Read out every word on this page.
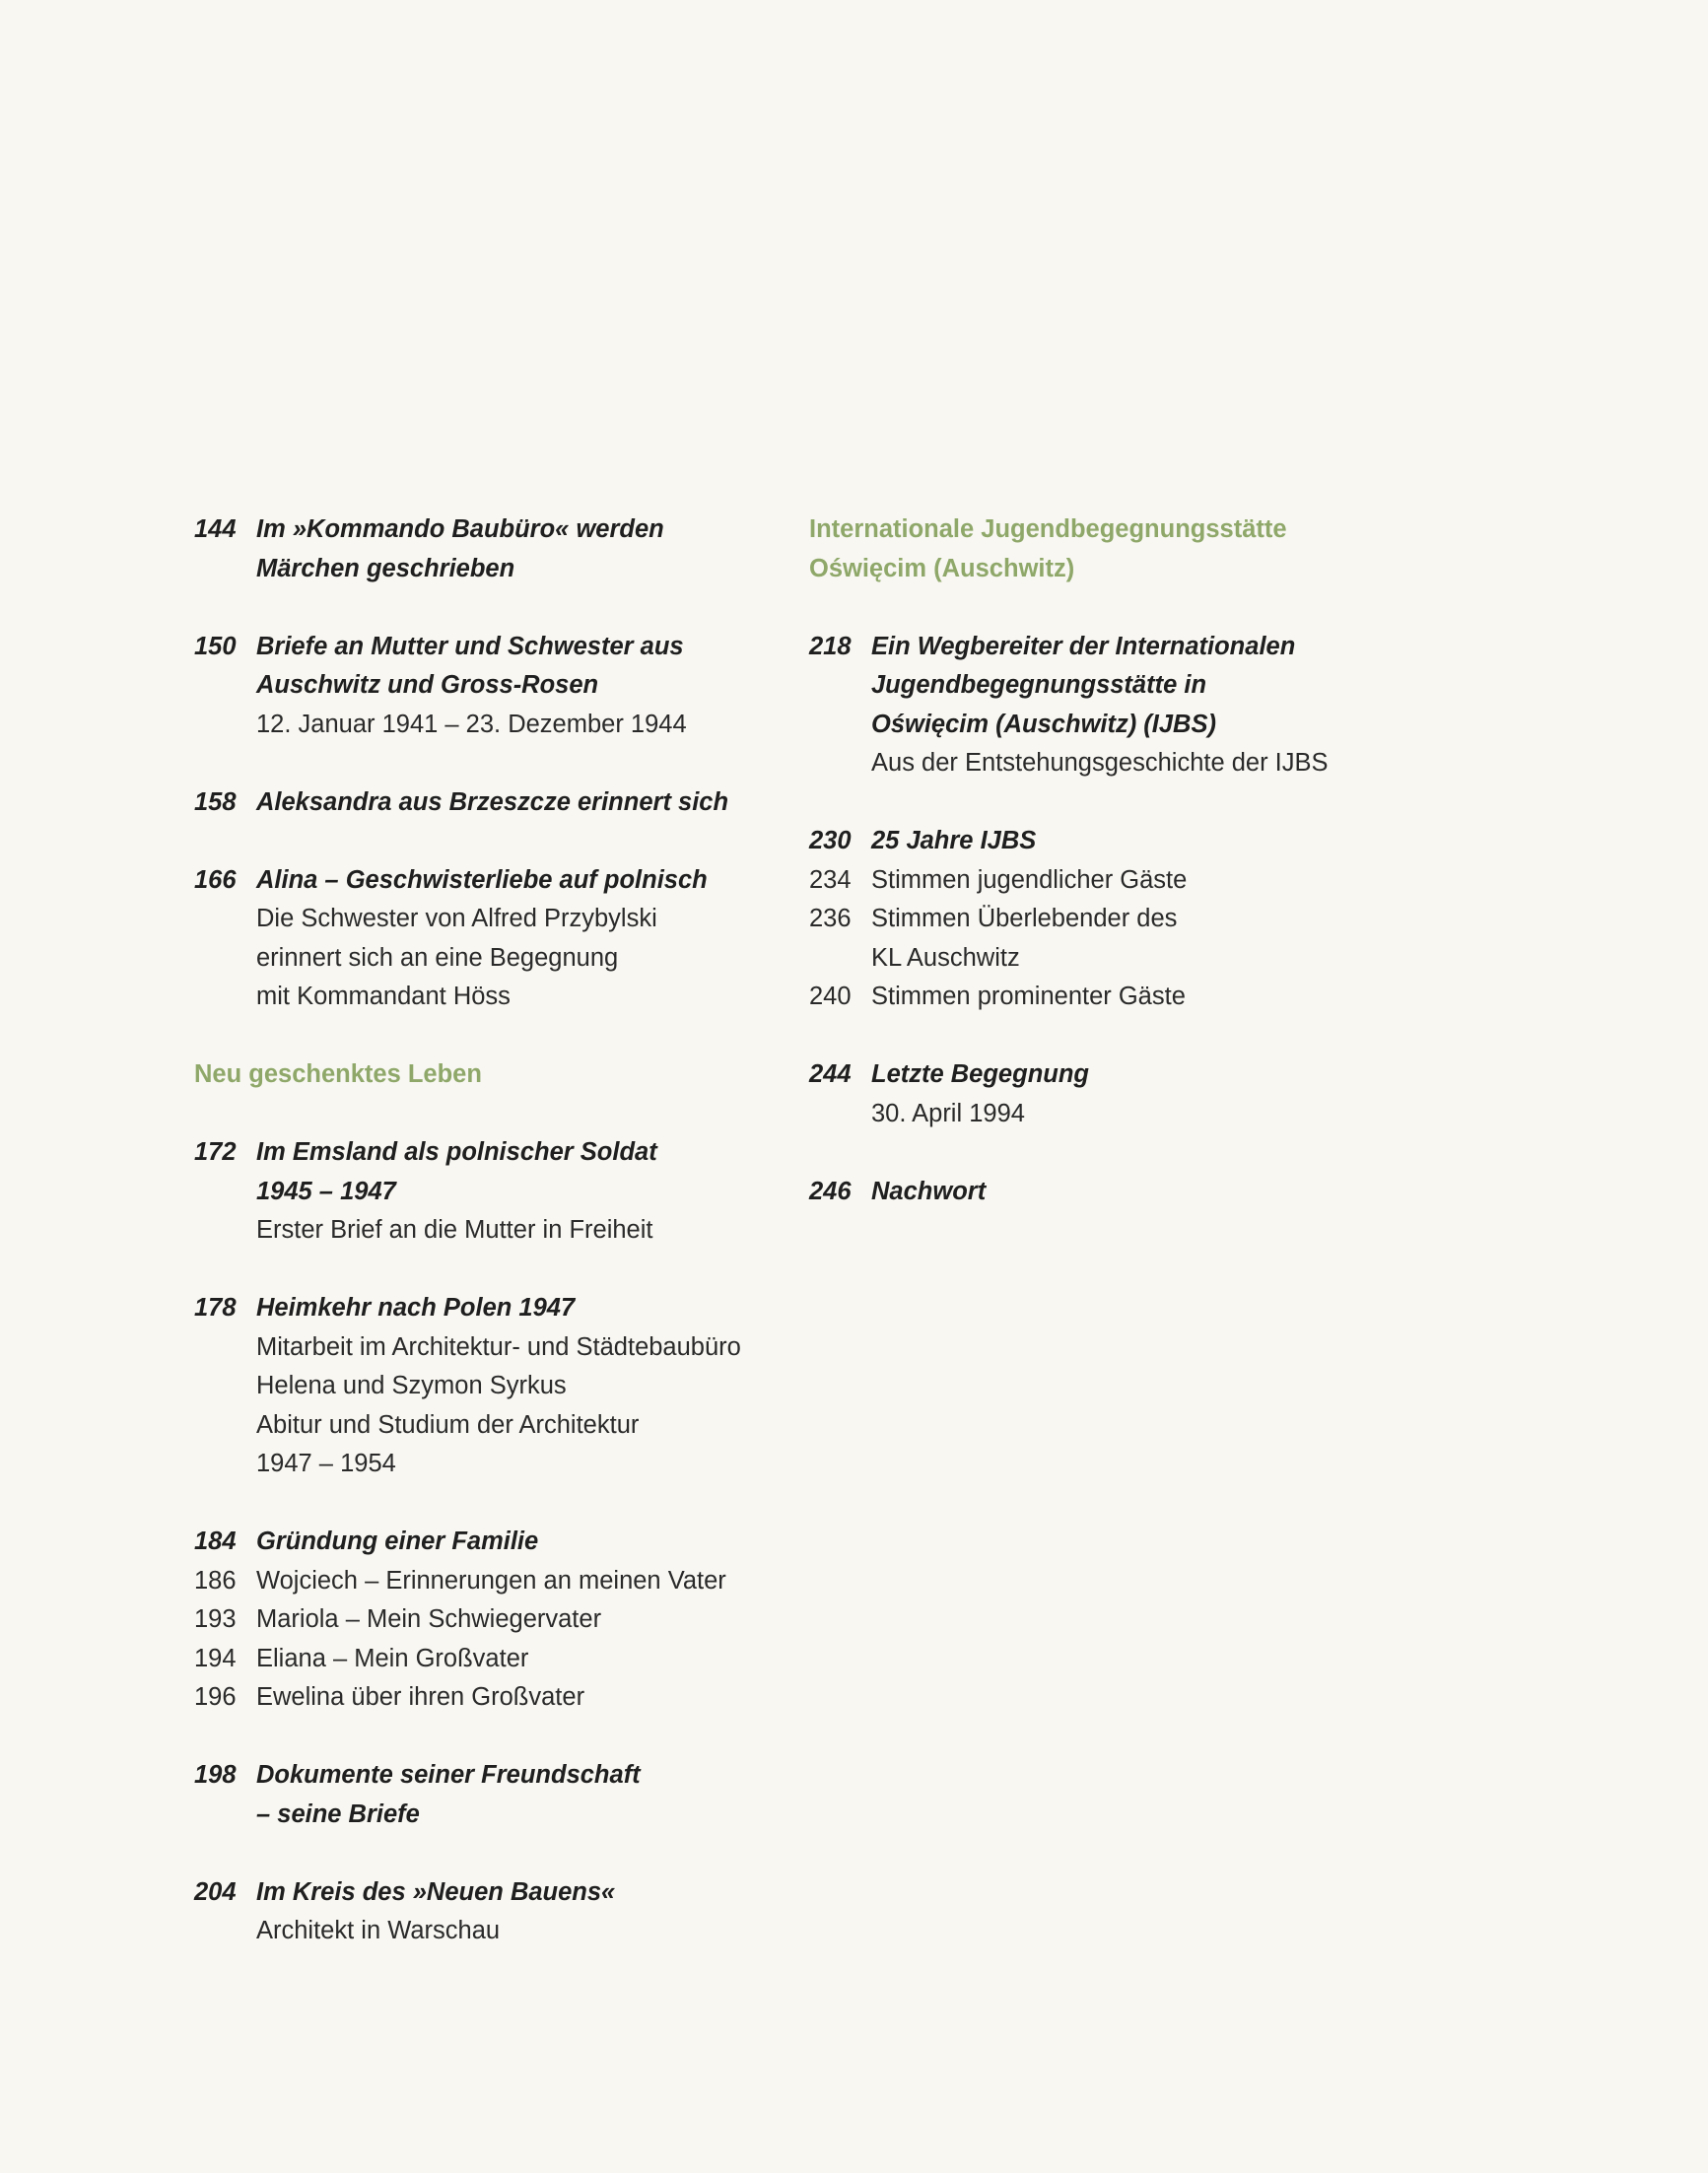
144 Im »Kommando Baubüro« werden
Märchen geschrieben
150 Briefe an Mutter und Schwester aus
Auschwitz und Gross-Rosen
12. Januar 1941 – 23. Dezember 1944
158 Aleksandra aus Brzeszcze erinnert sich
166 Alina – Geschwisterliebe auf polnisch
Die Schwester von Alfred Przybylski
erinnert sich an eine Begegnung
mit Kommandant Höss
Neu geschenktes Leben
172 Im Emsland als polnischer Soldat
1945 – 1947
Erster Brief an die Mutter in Freiheit
178 Heimkehr nach Polen 1947
Mitarbeit im Architektur- und Städtebaubüro
Helena und Szymon Syrkus
Abitur und Studium der Architektur
1947 – 1954
184 Gründung einer Familie
186 Wojciech – Erinnerungen an meinen Vater
193 Mariola – Mein Schwiegervater
194 Eliana – Mein Großvater
196 Ewelina über ihren Großvater
198 Dokumente seiner Freundschaft
– seine Briefe
204 Im Kreis des »Neuen Bauens«
Architekt in Warschau
Internationale Jugendbegegnungsstätte
Oświęcim (Auschwitz)
218 Ein Wegbereiter der Internationalen
Jugendbegegnungsstätte in
Oświęcim (Auschwitz) (IJBS)
Aus der Entstehungsgeschichte der IJBS
230 25 Jahre IJBS
234 Stimmen jugendlicher Gäste
236 Stimmen Überlebender des
KL Auschwitz
240 Stimmen prominenter Gäste
244 Letzte Begegnung
30. April 1994
246 Nachwort
